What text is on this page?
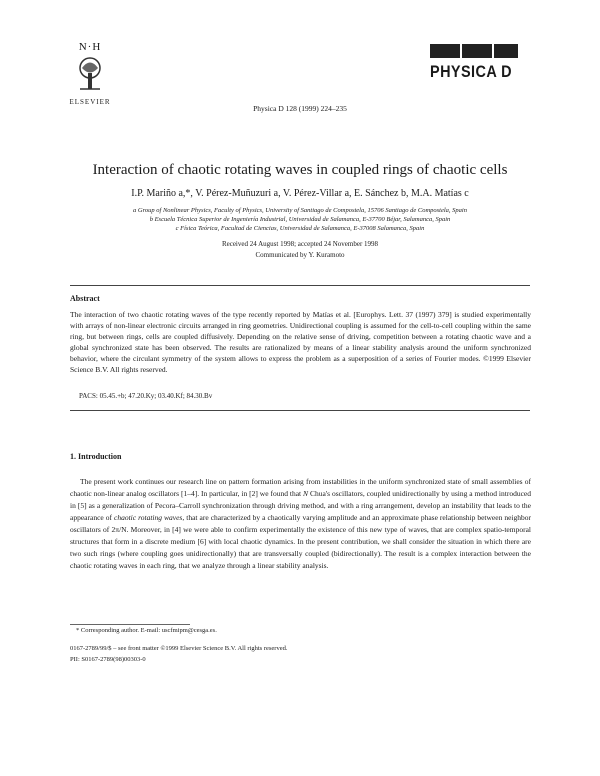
N·H
ELSEVIER
Physica D 128 (1999) 224–235
PHYSICA D
Interaction of chaotic rotating waves in coupled rings of chaotic cells
I.P. Mariño a,*, V. Pérez-Muñuzuri a, V. Pérez-Villar a, E. Sánchez b, M.A. Matías c
a Group of Nonlinear Physics, Faculty of Physics, University of Santiago de Compostela, 15706 Santiago de Compostela, Spain
b Escuela Técnica Superior de Ingeniería Industrial, Universidad de Salamanca, E-37700 Béjar, Salamanca, Spain
c Física Teórica, Facultad de Ciencias, Universidad de Salamanca, E-37008 Salamanca, Spain
Received 24 August 1998; accepted 24 November 1998
Communicated by Y. Kuramoto
Abstract
The interaction of two chaotic rotating waves of the type recently reported by Matías et al. [Europhys. Lett. 37 (1997) 379] is studied experimentally with arrays of non-linear electronic circuits arranged in ring geometries. Unidirectional coupling is assumed for the cell-to-cell coupling within the same ring, but between rings, cells are coupled diffusively. Depending on the relative sense of driving, competition between a rotating chaotic wave and a global synchronized state has been observed. The results are rationalized by means of a linear stability analysis around the uniform synchronized behavior, where the circulant symmetry of the system allows to express the problem as a superposition of a series of Fourier modes. ©1999 Elsevier Science B.V. All rights reserved.
PACS: 05.45.+b; 47.20.Ky; 03.40.Kf; 84.30.Bv
1. Introduction
The present work continues our research line on pattern formation arising from instabilities in the uniform synchronized state of small assemblies of chaotic non-linear analog oscillators [1–4]. In particular, in [2] we found that N Chua's oscillators, coupled unidirectionally by using a method introduced in [5] as a generalization of Pecora–Carroll synchronization through driving method, and with a ring arrangement, develop an instability that leads to the appearance of chaotic rotating waves, that are characterized by a chaotically varying amplitude and an approximate phase relationship between neighbor oscillators of 2π/N. Moreover, in [4] we were able to confirm experimentally the existence of this new type of waves, that are complex spatio-temporal structures that form in a discrete medium [6] with local chaotic dynamics. In the present contribution, we shall consider the situation in which there are two such rings (where coupling goes unidirectionally) that are transversally coupled (bidirectionally). The result is a complex interaction between the chaotic rotating waves in each ring, that we analyze through a linear stability analysis.
* Corresponding author. E-mail: uscfmipm@cesga.es.
0167-2789/99/$ – see front matter ©1999 Elsevier Science B.V. All rights reserved.
PII: S0167-2789(98)00303-0
